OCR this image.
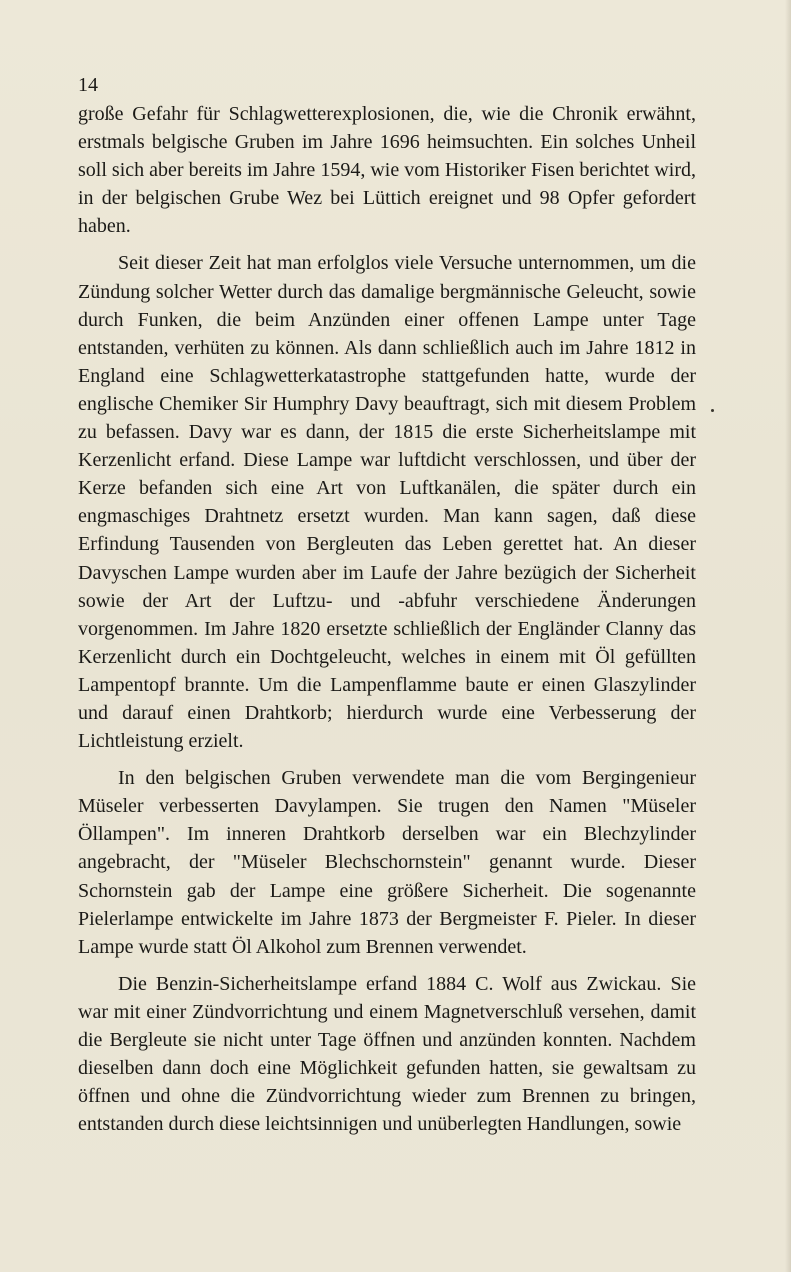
14

große Gefahr für Schlagwetterexplosionen, die, wie die Chronik erwähnt, erstmals belgische Gruben im Jahre 1696 heimsuchten. Ein solches Unheil soll sich aber bereits im Jahre 1594, wie vom Historiker Fisen berichtet wird, in der belgischen Grube Wez bei Lüttich ereignet und 98 Opfer gefordert haben.

Seit dieser Zeit hat man erfolglos viele Versuche unternommen, um die Zündung solcher Wetter durch das damalige bergmännische Geleucht, sowie durch Funken, die beim Anzünden einer offenen Lampe unter Tage entstanden, verhüten zu können. Als dann schließlich auch im Jahre 1812 in England eine Schlagwetterkatastrophe stattgefunden hatte, wurde der englische Chemiker Sir Humphry Davy beauftragt, sich mit diesem Problem zu befassen. Davy war es dann, der 1815 die erste Sicherheitslampe mit Kerzenlicht erfand. Diese Lampe war luftdicht verschlossen, und über der Kerze befanden sich eine Art von Luftkanälen, die später durch ein engmaschiges Drahtnetz ersetzt wurden. Man kann sagen, daß diese Erfindung Tausenden von Bergleuten das Leben gerettet hat. An dieser Davyschen Lampe wurden aber im Laufe der Jahre bezügich der Sicherheit sowie der Art der Luftzu- und -abfuhr verschiedene Änderungen vorgenommen. Im Jahre 1820 ersetzte schließlich der Engländer Clanny das Kerzenlicht durch ein Dochtgeleucht, welches in einem mit Öl gefüllten Lampentopf brannte. Um die Lampenflamme baute er einen Glaszylinder und darauf einen Drahtkorb; hierdurch wurde eine Verbesserung der Lichtleistung erzielt.

In den belgischen Gruben verwendete man die vom Bergingenieur Müseler verbesserten Davylampen. Sie trugen den Namen "Müseler Öllampen". Im inneren Drahtkorb derselben war ein Blechzylinder angebracht, der "Müseler Blechschornstein" genannt wurde. Dieser Schornstein gab der Lampe eine größere Sicherheit. Die sogenannte Pielerlampe entwickelte im Jahre 1873 der Bergmeister F. Pieler. In dieser Lampe wurde statt Öl Alkohol zum Brennen verwendet.

Die Benzin-Sicherheitslampe erfand 1884 C. Wolf aus Zwickau. Sie war mit einer Zündvorrichtung und einem Magnetverschluß versehen, damit die Bergleute sie nicht unter Tage öffnen und anzünden konnten. Nachdem dieselben dann doch eine Möglichkeit gefunden hatten, sie gewaltsam zu öffnen und ohne die Zündvorrichtung wieder zum Brennen zu bringen, entstanden durch diese leichtsinnigen und unüberlegten Handlungen, sowie
